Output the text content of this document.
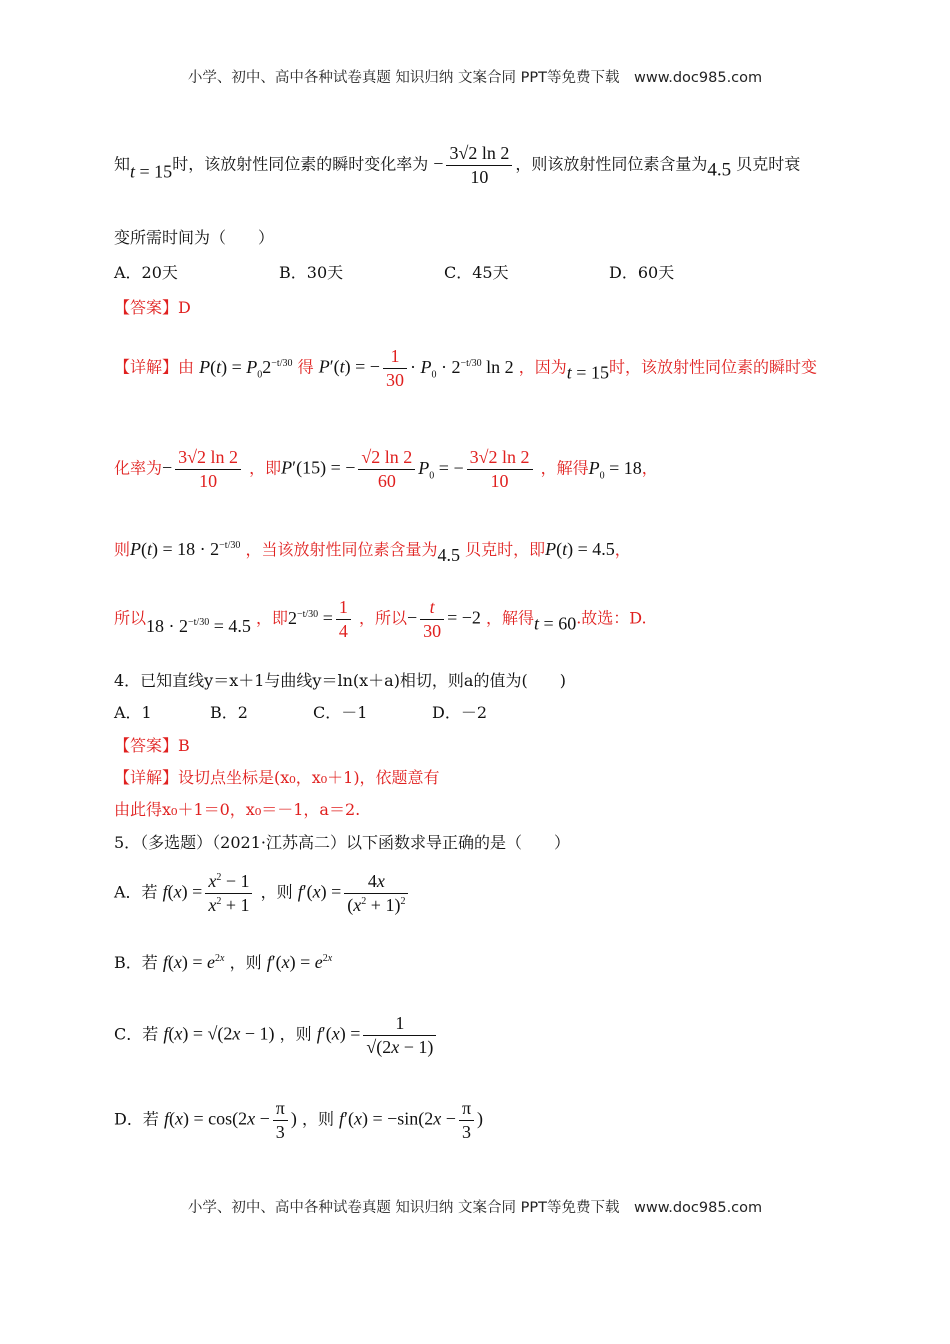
小学、初中、高中各种试卷真题 知识归纳 文案合同 PPT等免费下载　www.doc985.com
知t = 15时，该放射性同位素的瞬时变化率为 − $\frac{3√2 \ln 2}{10}$ ，则该放射性同位素含量为4.5 贝克时衰
变所需时间为（　　）
A．20天	B．30天	C．45天	D．60天
【答案】D
【详解】由 $P(t) = P_02^{-t/30}$ 得 P′(t) = − $\frac{1}{30} \cdot P_0 \cdot 2^{-t/30}$ ln 2 ，因为t = 15时，该放射性同位素的瞬时变
化率为− $\frac{3√2 \ln 2}{10}$ ，即P′(15) = − $\frac{√2 \ln 2}{60} P_0$ = − $\frac{3√2 \ln 2}{10}$ ，解得$P_0 = 18$，
则$P(t) = 18 \cdot 2^{-t/30}$ ，当该放射性同位素含量为4.5 贝克时，即P(t) = 4.5，
所以$18 \cdot 2^{-t/30} = 4.5$ ，即$2^{-t/30} = \frac{1}{4}$ ，所以− $\frac{t}{30} = -2$ ，解得t = 60.故选：D.
4．已知直线y＝x＋1与曲线y＝ln(x＋a)相切，则a的值为(　　)
A．1	B．2	C．－1	D．－2
【答案】B
【详解】设切点坐标是(x₀，x₀＋1)，依题意有
由此得x₀＋1＝0，x₀＝－1，a＝2.
5．（多选题）（2021·江苏高二）以下函数求导正确的是（　　）
A．若 $f(x) = \frac{x^2 - 1}{x^2 + 1}$ ，则 $f'(x) = \frac{4x}{(x^2 + 1)^2}$
B．若 $f(x) = e^{2x}$ ，则 $f'(x) = e^{2x}$
C．若 f(x) = √(2x − 1) ，则 $f'(x) = \frac{1}{√(2x - 1)}$
D．若 $f(x) = \cos(2x - \frac{\pi}{3}$ ) ，则 $f'(x) = -\sin(2x - \frac{\pi}{3}$ )
小学、初中、高中各种试卷真题 知识归纳 文案合同 PPT等免费下载　www.doc985.com
